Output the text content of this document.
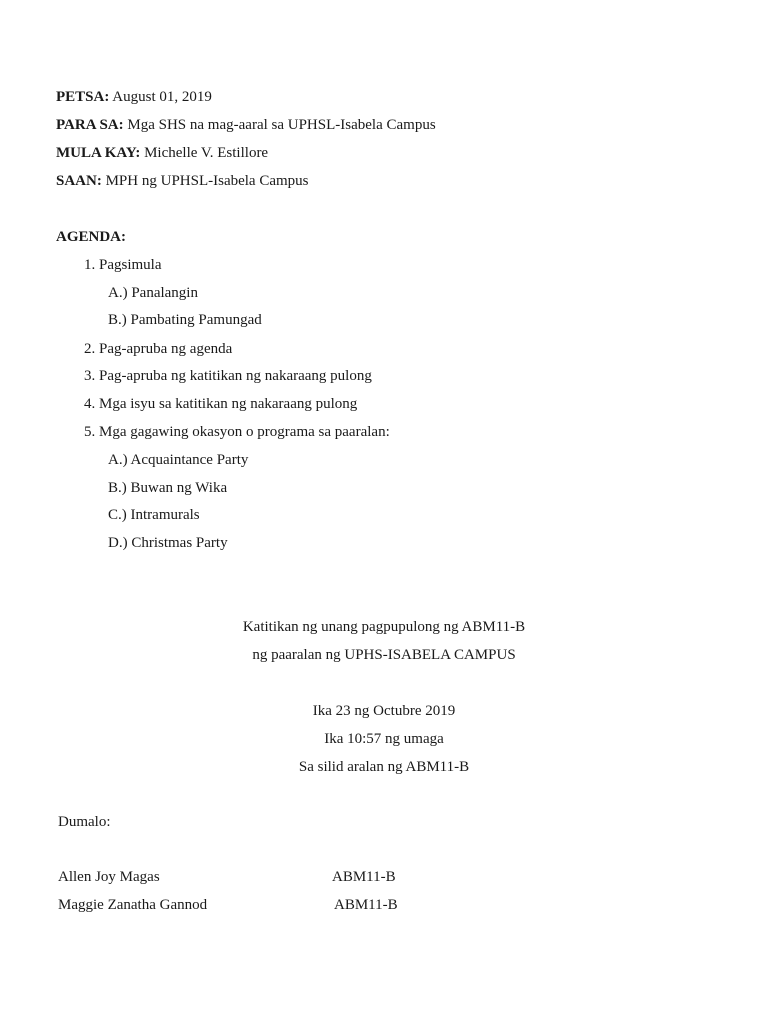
PETSA: August 01, 2019
PARA SA: Mga SHS na mag-aaral sa UPHSL-Isabela Campus
MULA KAY: Michelle V. Estillore
SAAN: MPH ng UPHSL-Isabela Campus
AGENDA:
1. Pagsimula
A.) Panalangin
B.) Pambating Pamungad
2. Pag-apruba ng agenda
3. Pag-apruba ng katitikan ng nakaraang pulong
4. Mga isyu sa katitikan ng nakaraang pulong
5. Mga gagawing okasyon o programa sa paaralan:
A.) Acquaintance Party
B.) Buwan ng Wika
C.) Intramurals
D.) Christmas Party
Katitikan ng unang pagpupulong ng ABM11-B
ng paaralan ng UPHS-ISABELA CAMPUS
Ika 23 ng Octubre 2019
Ika 10:57 ng umaga
Sa silid aralan ng ABM11-B
Dumalo:
Allen Joy Magas	ABM11-B
Maggie Zanatha Gannod	ABM11-B
